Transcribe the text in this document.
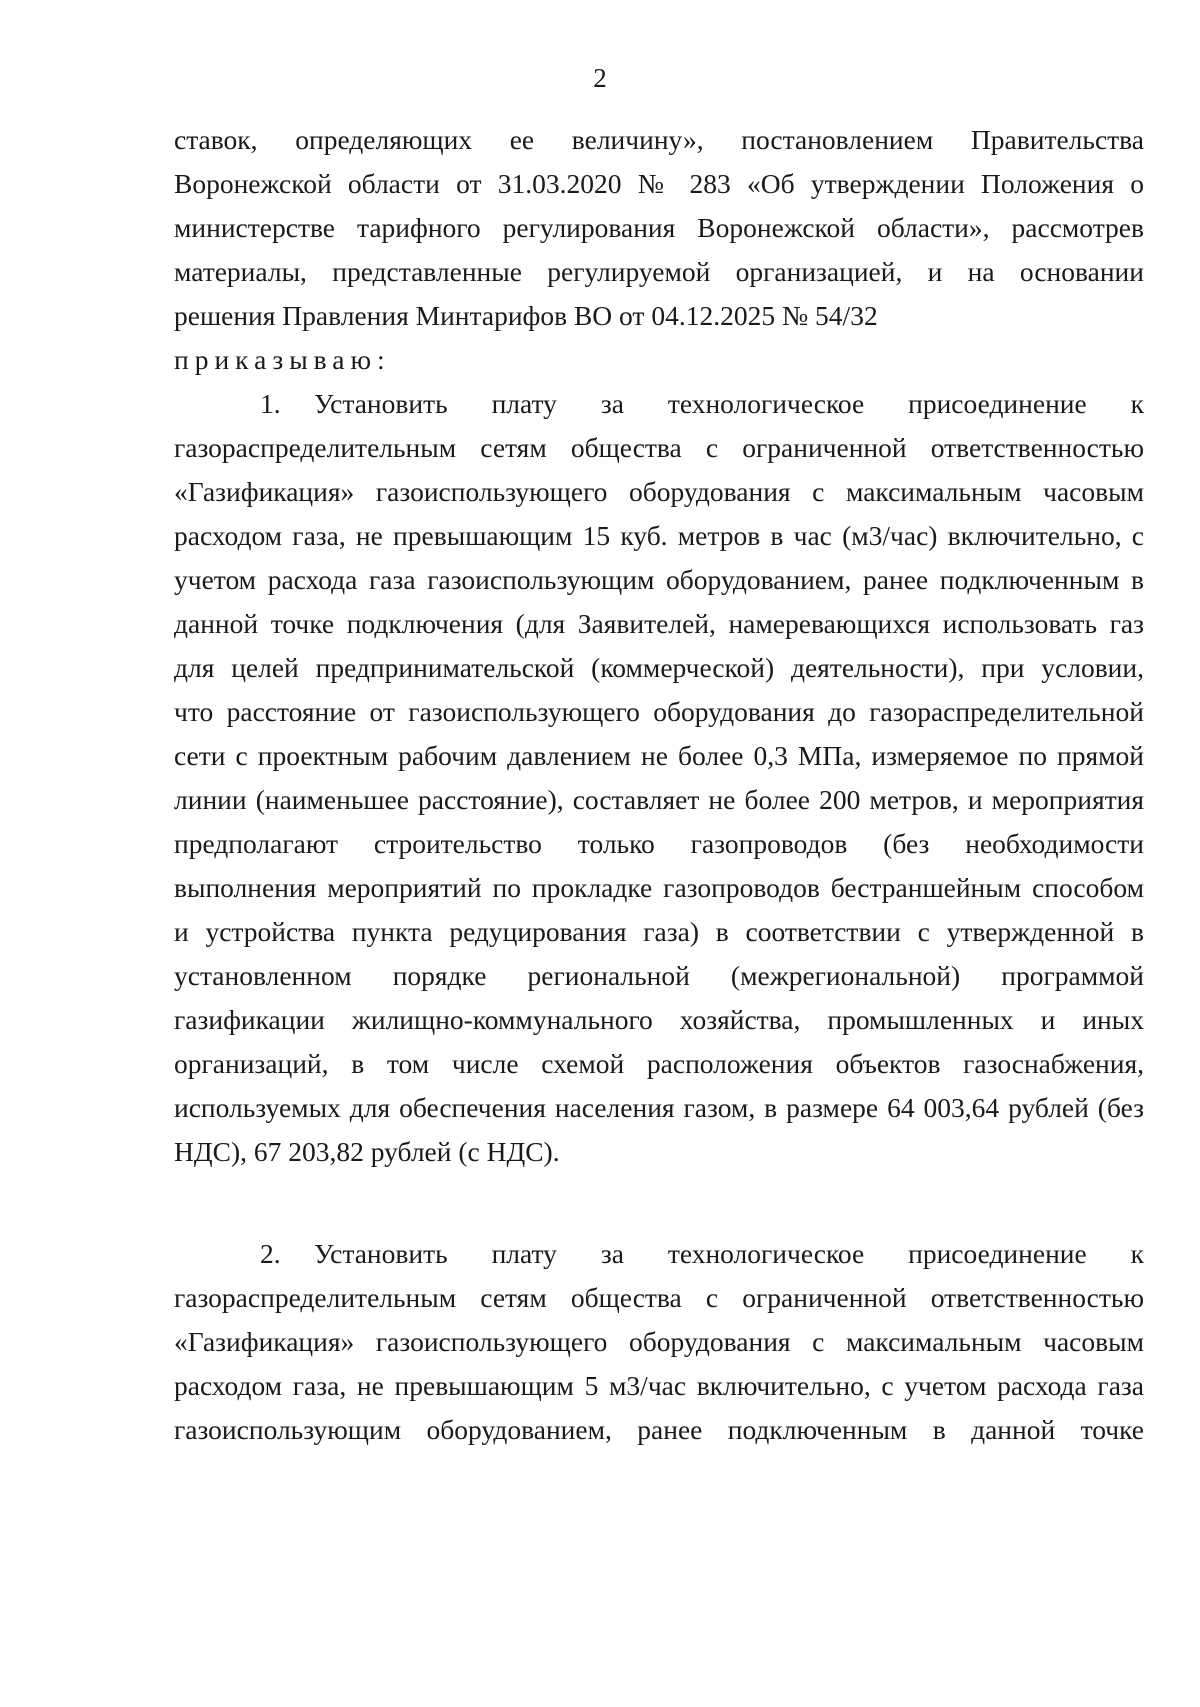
2
ставок, определяющих ее величину», постановлением Правительства
Воронежской области от 31.03.2020 № 283 «Об утверждении Положения о
министерстве тарифного регулирования Воронежской области», рассмотрев
материалы, представленные регулируемой организацией, и на основании
решения Правления Минтарифов ВО от 04.12.2025 № 54/32
приказываю:
1. Установить плату за технологическое присоединение к
газораспределительным сетям общества с ограниченной ответственностью
«Газификация» газоиспользующего оборудования с максимальным часовым
расходом газа, не превышающим 15 куб. метров в час (м3/час) включительно, с
учетом расхода газа газоиспользующим оборудованием, ранее подключенным в
данной точке подключения (для Заявителей, намеревающихся использовать газ
для целей предпринимательской (коммерческой) деятельности), при условии,
что расстояние от газоиспользующего оборудования до газораспределительной
сети с проектным рабочим давлением не более 0,3 МПа, измеряемое по прямой
линии (наименьшее расстояние), составляет не более 200 метров, и мероприятия
предполагают строительство только газопроводов (без необходимости
выполнения мероприятий по прокладке газопроводов бестраншейным способом
и устройства пункта редуцирования газа) в соответствии с утвержденной в
установленном порядке региональной (межрегиональной) программой
газификации жилищно-коммунального хозяйства, промышленных и иных
организаций, в том числе схемой расположения объектов газоснабжения,
используемых для обеспечения населения газом, в размере 64 003,64 рублей (без
НДС), 67 203,82 рублей (с НДС).
2. Установить плату за технологическое присоединение к
газораспределительным сетям общества с ограниченной ответственностью
«Газификация» газоиспользующего оборудования с максимальным часовым
расходом газа, не превышающим 5 м3/час включительно, с учетом расхода газа
газоиспользующим оборудованием, ранее подключенным в данной точке
